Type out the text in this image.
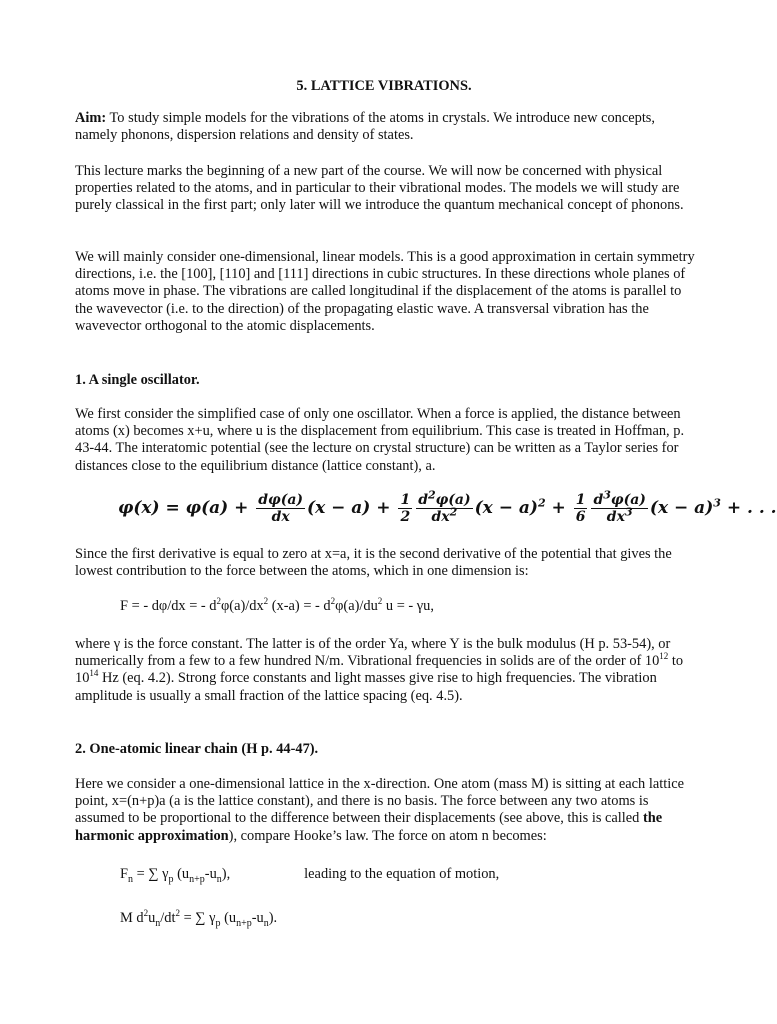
5. LATTICE VIBRATIONS.

Aim: To study simple models for the vibrations of the atoms in crystals. We introduce new concepts, namely phonons, dispersion relations and density of states.

This lecture marks the beginning of a new part of the course. We will now be concerned with physical properties related to the atoms, and in particular to their vibrational modes. The models we will study are purely classical in the first part; only later will we introduce the quantum mechanical concept of phonons.

We will mainly consider one-dimensional, linear models. This is a good approximation in certain symmetry directions, i.e. the [100], [110] and [111] directions in cubic structures. In these directions whole planes of atoms move in phase. The vibrations are called longitudinal if the displacement of the atoms is parallel to the wavevector (i.e. to the direction) of the propagating elastic wave. A transversal vibration has the wavevector orthogonal to the atomic displacements.

1. A single oscillator.

We first consider the simplified case of only one oscillator. When a force is applied, the distance between atoms (x) becomes x+u, where u is the displacement from equilibrium. This case is treated in Hoffman, p. 43-44. The interatomic potential (see the lecture on crystal structure) can be written as a Taylor series for distances close to the equilibrium distance (lattice constant), a.

$\varphi(x) = \varphi(a) + \frac{d\varphi(a)}{dx} (x - a) + \frac{1}{2} \frac{d^2\varphi(a)}{dx^2} (x - a)^2 + \frac{1}{6} \frac{d^3\varphi(a)}{dx^3} (x - a)^3$ + . . .

Since the first derivative is equal to zero at x=a, it is the second derivative of the potential that gives the lowest contribution to the force between the atoms, which in one dimension is:

F = - dφ/dx = - $d^2\varphi(a)/dx^2$ (x-a) = - $d^2\varphi(a)/du^2$ u = - γu,

where γ is the force constant. The latter is of the order Ya, where Y is the bulk modulus (H p. 53-54), or numerically from a few to a few hundred N/m. Vibrational frequencies in solids are of the order of $10^{12}$ to $10^{14}$ Hz (eq. 4.2). Strong force constants and light masses give rise to high frequencies. The vibration amplitude is usually a small fraction of the lattice spacing (eq. 4.5).

2. One-atomic linear chain (H p. 44-47).

Here we consider a one-dimensional lattice in the x-direction. One atom (mass M) is sitting at each lattice point, x=(n+p)a (a is the lattice constant), and there is no basis. The force between any two atoms is assumed to be proportional to the difference between their displacements (see above, this is called the harmonic approximation), compare Hooke’s law. The force on atom n becomes:

$F_n$ = ∑ $\gamma_p$ $(u_{n+p}-u_n)$,	leading to the equation of motion,

M $d^2u_n/dt^2$ = ∑ $\gamma_p$ $(u_{n+p}-u_n)$.
